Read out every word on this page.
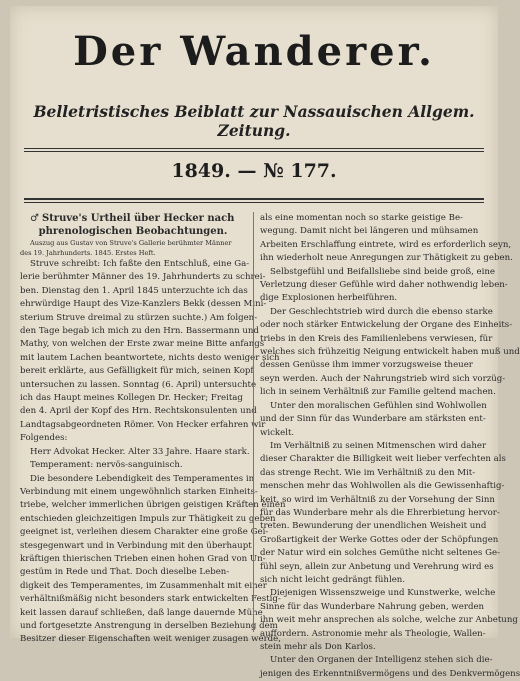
Der Wanderer.
Belletristisches Beiblatt zur Nassauischen Allgem. Zeitung.
1849. — № 177.
♂ Struve's Urtheil über Hecker nach
phrenologischen Beobachtungen.
Auszug aus Gustav von Struve's Gallerie berühmter Männer
des 19. Jahrhunderts. 1845. Erstes Heft.
Struve schreibt: Ich faßte den Entschluß, eine Ga-
lerie berühmter Männer des 19. Jahrhunderts zu schrei-
ben. Dienstag den 1. April 1845 unterzuchte ich das
ehrwürdige Haupt des Vize-Kanzlers Bekk (dessen Mini-
sterium Struve dreimal zu stürzen suchte.) Am folgen-
den Tage begab ich mich zu den Hrn. Bassermann und
Mathy, von welchen der Erste zwar meine Bitte anfangs
mit lautem Lachen beantwortete, nichts desto weniger sich
bereit erklärte, aus Gefälligkeit für mich, seinen Kopf
untersuchen zu lassen. Sonntag (6. April) untersuchte
ich das Haupt meines Kollegen Dr. Hecker; Freitag
den 4. April der Kopf des Hrn. Rechtskonsulenten und
Landtagsabgeordneten Römer. Von Hecker erfahren wir
Folgendes:
Herr Advokat Hecker. Alter 33 Jahre. Haare stark.
Temperament: nervös-sanguinisch.
Die besondere Lebendigkeit des Temperamentes in
Verbindung mit einem ungewöhnlich starken Einheits-
triebe, welcher immerlichen übrigen geistigen Kräften einen
entschieden gleichzeitigen Impuls zur Thätigkeit zu geben
geeignet ist, verleihen diesem Charakter eine große Gei-
stesgegenwart und in Verbindung mit den überhaupt
kräftigen thierischen Trieben einen hohen Grad von Un-
gestüm in Rede und That. Doch dieselbe Leben-
digkeit des Temperamentes, im Zusammenhalt mit einer
verhältnißmäßig nicht besonders stark entwickelten Festig-
keit lassen darauf schließen, daß lange dauernde Mühe
und fortgesetzte Anstrengung in derselben Beziehung dem
Besitzer dieser Eigenschaften weit weniger zusagen werde,
als eine momentan noch so starke geistige Be-
wegung. Damit nicht bei längeren und mühsamen
Arbeiten Erschlaffung eintrete, wird es erforderlich seyn,
ihn wiederholt neue Anregungen zur Thätigkeit zu geben.
Selbstgefühl und Beifallsliebe sind beide groß, eine
Verletzung dieser Gefühle wird daher nothwendig leben-
dige Explosionen herbeiführen.
Der Geschlechtstrieb wird durch die ebenso starke
oder noch stärker Entwickelung der Organe des Einheits-
triebs in den Kreis des Familienlebens verwiesen, für
welches sich frühzeitig Neigung entwickelt haben muß und
dessen Genüsse ihm immer vorzugsweise theuer
seyn werden. Auch der Nahrungstrieb wird sich vorzüg-
lich in seinem Verhältniß zur Familie geltend machen.
Unter den moralischen Gefühlen sind Wohlwollen
und der Sinn für das Wunderbare am stärksten ent-
wickelt.
Im Verhältniß zu seinen Mitmenschen wird daher
dieser Charakter die Billigkeit weit lieber verfechten als
das strenge Recht. Wie im Verhältniß zu den Mit-
menschen mehr das Wohlwollen als die Gewissenhaftig-
keit, so wird im Verhältniß zu der Vorsehung der Sinn
für das Wunderbare mehr als die Ehrerbietung hervor-
treten. Bewunderung der unendlichen Weisheit und
Großartigkeit der Werke Gottes oder der Schöpfungen
der Natur wird ein solches Gemüthe nicht seltenes Ge-
fühl seyn, allein zur Anbetung und Verehrung wird es
sich nicht leicht gedrängt fühlen.
Diejenigen Wissenszweige und Kunstwerke, welche
Sinne für das Wunderbare Nahrung geben, werden
ihn weit mehr ansprechen als solche, welche zur Anbetung
auffordern. Astronomie mehr als Theologie, Wallen-
stein mehr als Don Karlos.
Unter den Organen der Intelligenz stehen sich die-
jenigen des Erkenntnißvermögens und des Denkvermögens
